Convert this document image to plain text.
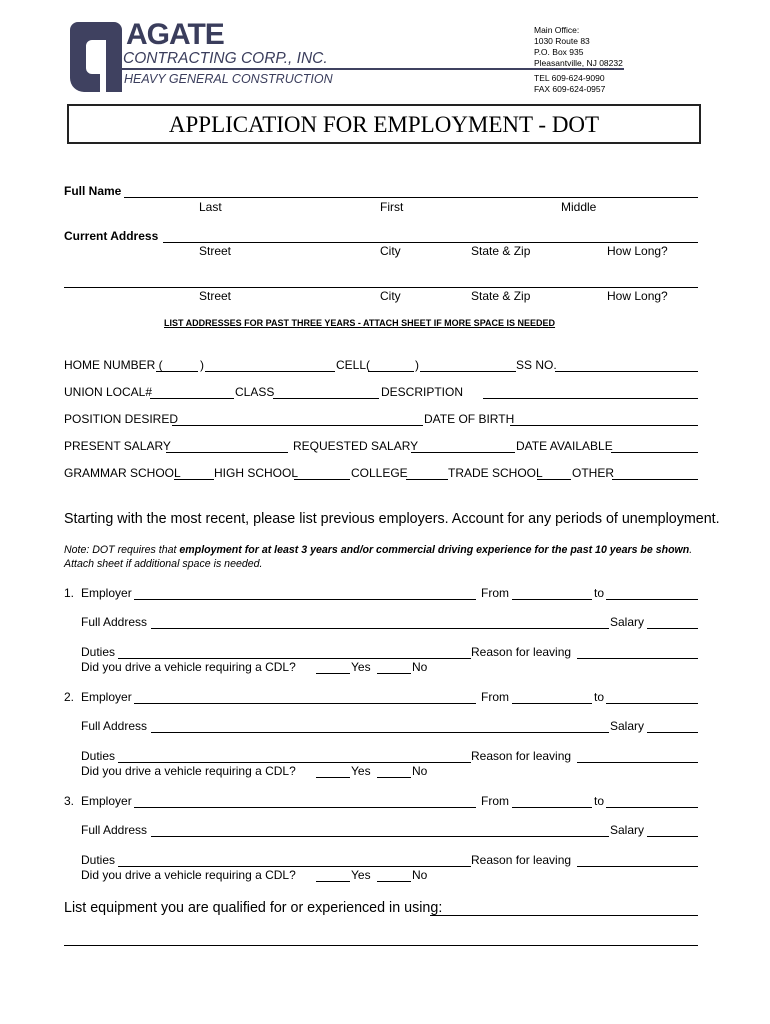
AGATE
CONTRACTING CORP., INC.
HEAVY GENERAL CONSTRUCTION
Main Office:
1030 Route 83
P.O. Box 935
Pleasantville, NJ 08232
TEL 609-624-9090
FAX 609-624-0957
APPLICATION FOR EMPLOYMENT - DOT
Full Name
Last	First	Middle
Current Address
Street	City	State & Zip	How Long?
Street	City	State & Zip	How Long?
LIST ADDRESSES FOR PAST THREE YEARS - ATTACH SHEET IF MORE SPACE IS NEEDED
HOME NUMBER (	)	CELL(	)	SS NO.
UNION LOCAL#	CLASS	DESCRIPTION
POSITION DESIRED	DATE OF BIRTH
PRESENT SALARY	REQUESTED SALARY	DATE AVAILABLE
GRAMMAR SCHOOL	HIGH SCHOOL	COLLEGE	TRADE SCHOOL OTHER
Starting with the most recent, please list previous employers. Account for any periods of unemployment.
Note: DOT requires that employment for at least 3 years and/or commercial driving experience for the past 10 years be shown. Attach sheet if additional space is needed.
1. Employer	From	to
Full Address	Salary
Duties	Reason for leaving
Did you drive a vehicle requiring a CDL?	Yes	No
2. Employer	From	to
Full Address	Salary
Duties	Reason for leaving
Did you drive a vehicle requiring a CDL?	Yes	No
3. Employer	From	to
Full Address	Salary
Duties	Reason for leaving
Did you drive a vehicle requiring a CDL?	Yes	No
List equipment you are qualified for or experienced in using:
